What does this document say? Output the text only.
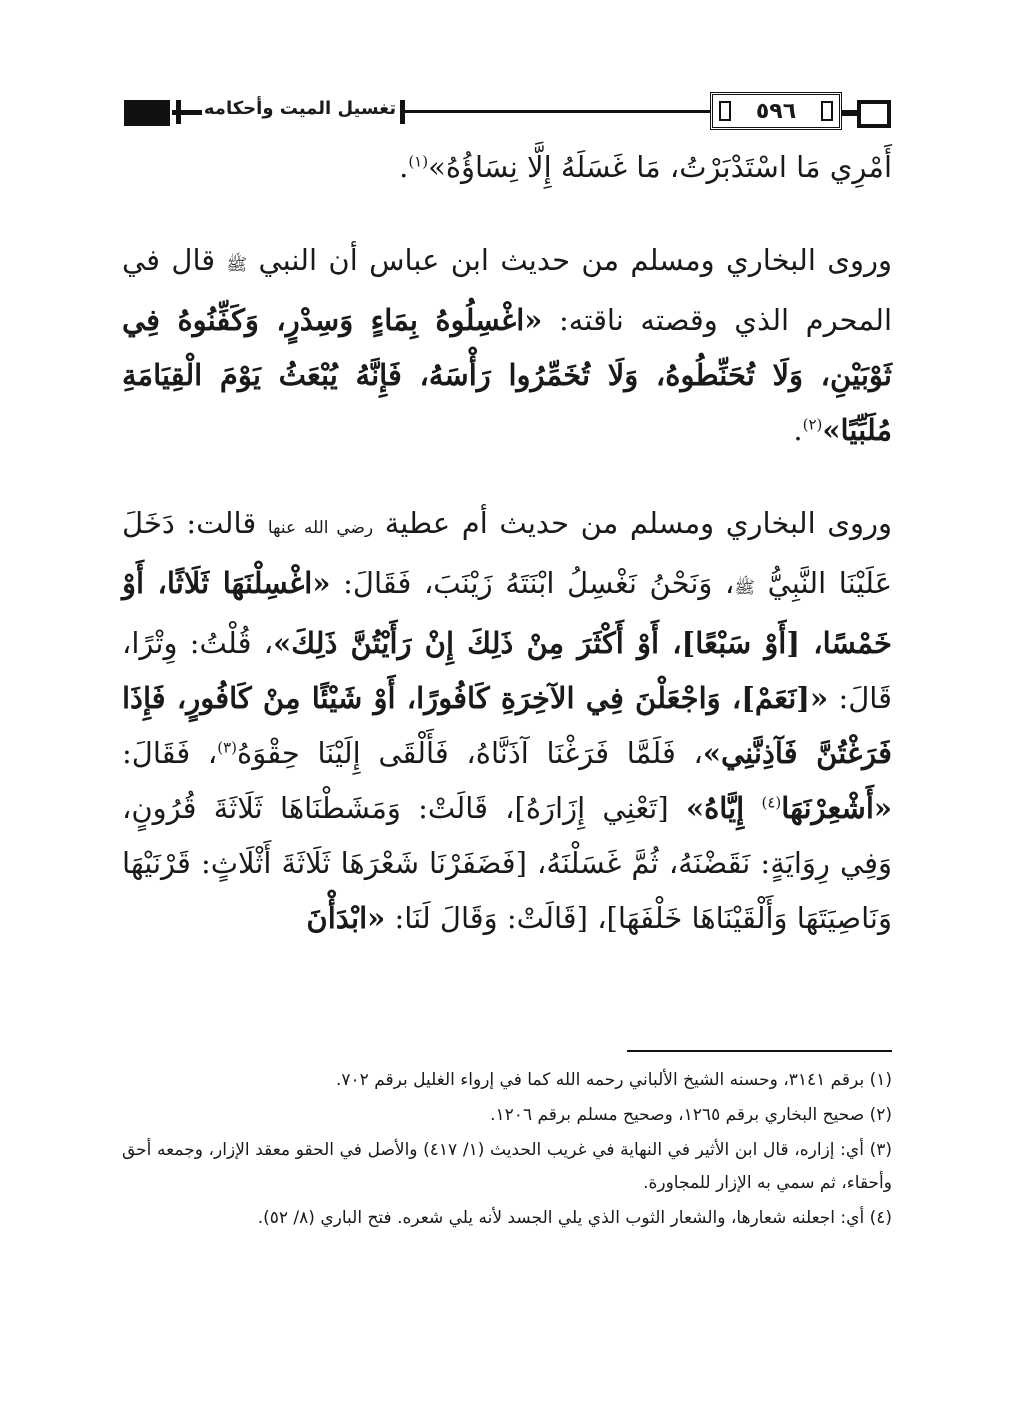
٥٩٦
تغسيل الميت وأحكامه

أَمْرِي مَا اسْتَدْبَرْتُ، مَا غَسَلَهُ إِلَّا نِسَاؤُهُ»$^{(١)}$.

وروى البخاري ومسلم من حديث ابن عباس أن النبي ﷺ قال في المحرم الذي وقصته ناقته: «اغْسِلُوهُ بِمَاءٍ وَسِدْرٍ، وَكَفِّنُوهُ فِي ثَوْبَيْنِ، وَلَا تُحَنِّطُوهُ، وَلَا تُخَمِّرُوا رَأْسَهُ، فَإِنَّهُ يُبْعَثُ يَوْمَ الْقِيَامَةِ مُلَبِّيًا»$^{(٢)}$.

وروى البخاري ومسلم من حديث أم عطية رضي الله عنها قالت: دَخَلَ عَلَيْنَا النَّبِيُّ ﷺ، وَنَحْنُ نَغْسِلُ ابْنَتَهُ زَيْنَبَ، فَقَالَ: «اغْسِلْنَهَا ثَلَاثًا، أَوْ خَمْسًا، [أَوْ سَبْعًا]، أَوْ أَكْثَرَ مِنْ ذَلِكَ إِنْ رَأَيْتُنَّ ذَلِكَ»، قُلْتُ: وِتْرًا، قَالَ: «[نَعَمْ]، وَاجْعَلْنَ فِي الآخِرَةِ كَافُورًا، أَوْ شَيْئًا مِنْ كَافُورٍ، فَإِذَا فَرَغْتُنَّ فَآذِنَّنِي»، فَلَمَّا فَرَغْنَا آذَنَّاهُ، فَأَلْقَى إِلَيْنَا حِقْوَهُ$^{(٣)}$، فَقَالَ: «أَشْعِرْنَهَا$^{(٤)}$ إِيَّاهُ» [تَعْنِي إِزَارَهُ]، قَالَتْ: وَمَشَطْنَاهَا ثَلَاثَةَ قُرُونٍ، وَفِي رِوَايَةٍ: نَقَضْنَهُ، ثُمَّ غَسَلْنَهُ، [فَضَفَرْنَا شَعْرَهَا ثَلَاثَةَ أَثْلَاثٍ: قَرْنَيْهَا وَنَاصِيَتَهَا وَأَلْقَيْنَاهَا خَلْفَهَا]، [قَالَتْ: وَقَالَ لَنَا: «ابْدَأْنَ

(١) برقم ٣١٤١، وحسنه الشيخ الألباني رحمه الله كما في إرواء الغليل برقم ٧٠٢.

(٢) صحيح البخاري برقم ١٢٦٥، وصحيح مسلم برقم ١٢٠٦.

(٣) أي: إزاره، قال ابن الأثير في النهاية في غريب الحديث (١/ ٤١٧) والأصل في الحقو معقد الإزار، وجمعه أحق وأحقاء، ثم سمي به الإزار للمجاورة.

(٤) أي: اجعلنه شعارها، والشعار الثوب الذي يلي الجسد لأنه يلي شعره. فتح الباري (٨/ ٥٢).
